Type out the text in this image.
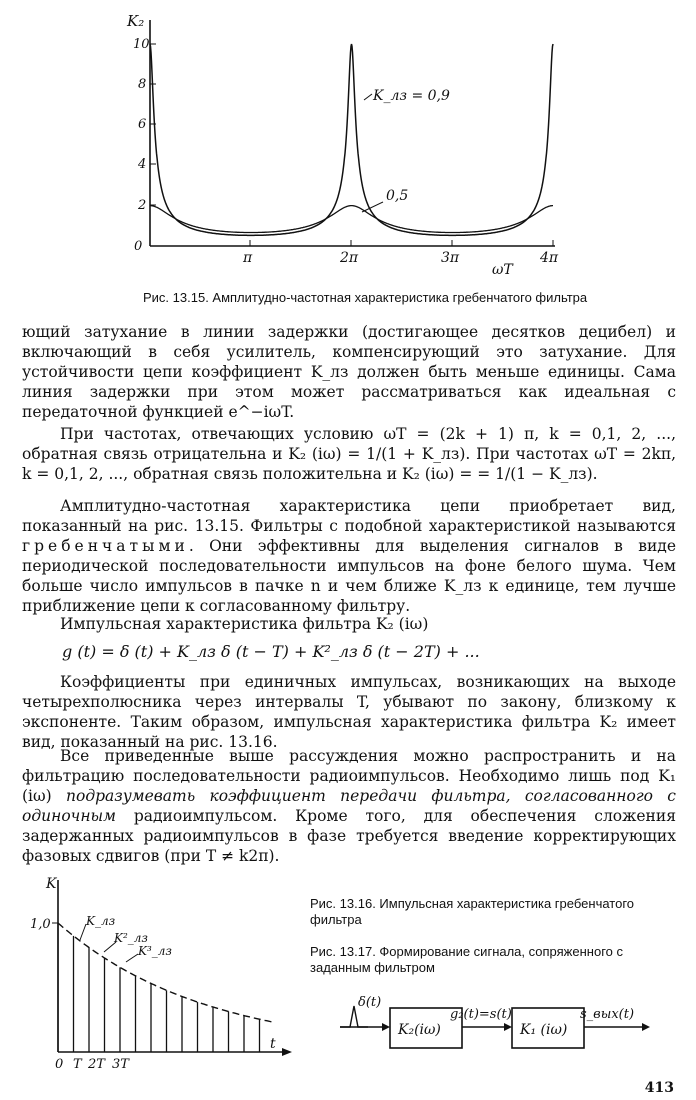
K₂
0
2
4
6
8
10
π	2π	3π	4π
ωT
K_лз = 0,9
0,5
Рис. 13.15. Амплитудно-частотная характеристика гребенчатого фильтра
ющий затухание в линии задержки (достигающее десятков децибел) и включающий в себя усилитель, компенсирующий это затухание. Для устойчивости цепи коэффициент K_лз должен быть меньше единицы. Сама линия задержки при этом может рассматриваться как идеальная с передаточной функцией e^−iωT.
При частотах, отвечающих условию ωT = (2k + 1) π, k = 0,1, 2, ..., обратная связь отрицательна и K₂ (iω) = 1/(1 + K_лз). При частотах ωT = 2kπ, k = 0,1, 2, ..., обратная связь положительна и K₂ (iω) = = 1/(1 − K_лз).
Амплитудно-частотная характеристика цепи приобретает вид, показанный на рис. 13.15. Фильтры с подобной характеристикой называются гребенчатыми. Они эффективны для выделения сигналов в виде периодической последовательности импульсов на фоне белого шума. Чем больше число импульсов в пачке n и чем ближе K_лз к единице, тем лучше приближение цепи к согласованному фильтру.
Импульсная характеристика фильтра K₂ (iω)
g (t) = δ (t) + K_лз δ (t − T) + K²_лз δ (t − 2T) + ...
Коэффициенты при единичных импульсах, возникающих на выходе четырехполюсника через интервалы T, убывают по закону, близкому к экспоненте. Таким образом, импульсная характеристика фильтра K₂ имеет вид, показанный на рис. 13.16.
Все приведенные выше рассуждения можно распространить и на фильтрацию последовательности радиоимпульсов. Необходимо лишь под K₁ (iω) подразумевать коэффициент передачи фильтра, согласованного с одиночным радиоимпульсом. Кроме того, для обеспечения сложения задержанных радиоимпульсов в фазе требуется введение корректирующих фазовых сдвигов (при T ≠ k2π).
K
1,0
0 T 2T 3T
t
K_лз
K²_лз
K³_лз
Рис. 13.16. Импульсная характеристика гребенчатого фильтра
Рис. 13.17. Формирование сигнала, сопряженного с заданным фильтром
δ(t)
K₂(iω)
g₂(t)=s(t)
K₁ (iω)
s_вых(t)
413
